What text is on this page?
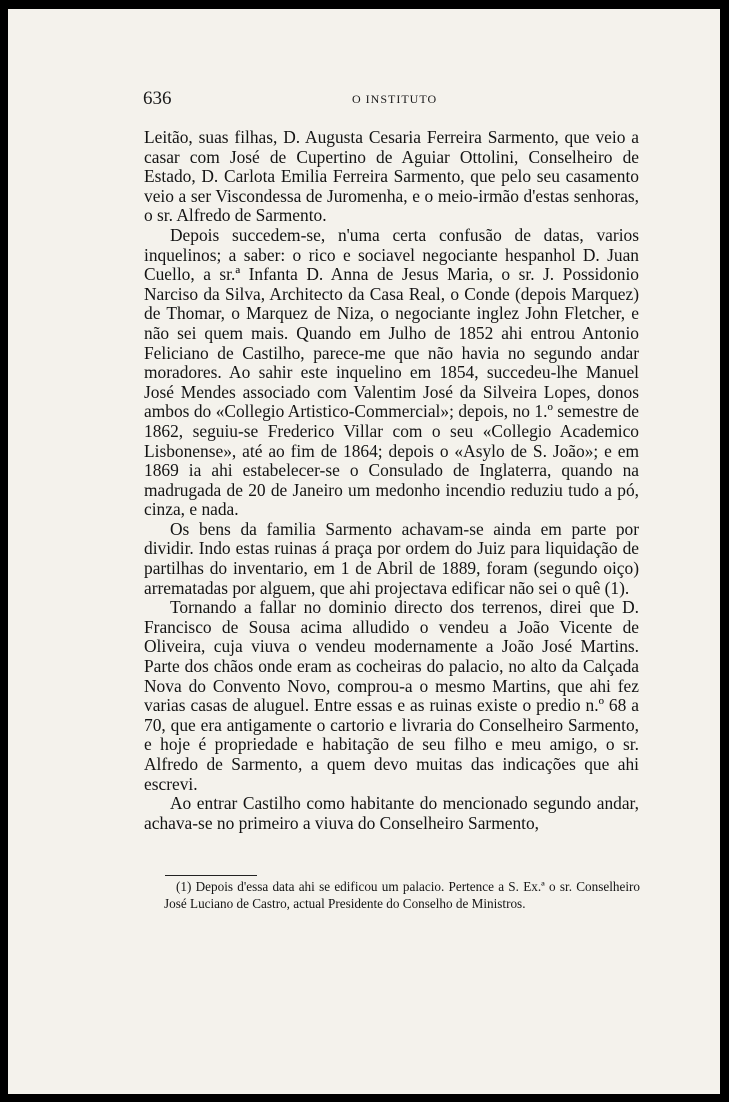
636	O INSTITUTO

Leitão, suas filhas, D. Augusta Cesaria Ferreira Sarmento, que veio a casar com José de Cupertino de Aguiar Ottolini, Conselheiro de Estado, D. Carlota Emilia Ferreira Sarmento, que pelo seu casamento veio a ser Viscondessa de Juromenha, e o meio-irmão d'estas senhoras, o sr. Alfredo de Sarmento.

Depois succedem-se, n'uma certa confusão de datas, varios inquelinos; a saber: o rico e sociavel negociante hespanhol D. Juan Cuello, a sr.ª Infanta D. Anna de Jesus Maria, o sr. J. Possidonio Narciso da Silva, Architecto da Casa Real, o Conde (depois Marquez) de Thomar, o Marquez de Niza, o negociante inglez John Fletcher, e não sei quem mais. Quando em Julho de 1852 ahi entrou Antonio Feliciano de Castilho, parece-me que não havia no segundo andar moradores. Ao sahir este inquelino em 1854, succedeu-lhe Manuel José Mendes associado com Valentim José da Silveira Lopes, donos ambos do «Collegio Artistico-Commercial»; depois, no 1.º semestre de 1862, seguiu-se Frederico Villar com o seu «Collegio Academico Lisbonense», até ao fim de 1864; depois o «Asylo de S. João»; e em 1869 ia ahi estabelecer-se o Consulado de Inglaterra, quando na madrugada de 20 de Janeiro um medonho incendio reduziu tudo a pó, cinza, e nada.

Os bens da familia Sarmento achavam-se ainda em parte por dividir. Indo estas ruinas á praça por ordem do Juiz para liquidação de partilhas do inventario, em 1 de Abril de 1889, foram (segundo oiço) arrematadas por alguem, que ahi projectava edificar não sei o quê (1).

Tornando a fallar no dominio directo dos terrenos, direi que D. Francisco de Sousa acima alludido o vendeu a João Vicente de Oliveira, cuja viuva o vendeu modernamente a João José Martins. Parte dos chãos onde eram as cocheiras do palacio, no alto da Calçada Nova do Convento Novo, comprou-a o mesmo Martins, que ahi fez varias casas de aluguel. Entre essas e as ruinas existe o predio n.º 68 a 70, que era antigamente o cartorio e livraria do Conselheiro Sarmento, e hoje é propriedade e habitação de seu filho e meu amigo, o sr. Alfredo de Sarmento, a quem devo muitas das indicações que ahi escrevi.

Ao entrar Castilho como habitante do mencionado segundo andar, achava-se no primeiro a viuva do Conselheiro Sarmento,

(1) Depois d'essa data ahi se edificou um palacio. Pertence a S. Ex.ª o sr. Conselheiro José Luciano de Castro, actual Presidente do Conselho de Ministros.
